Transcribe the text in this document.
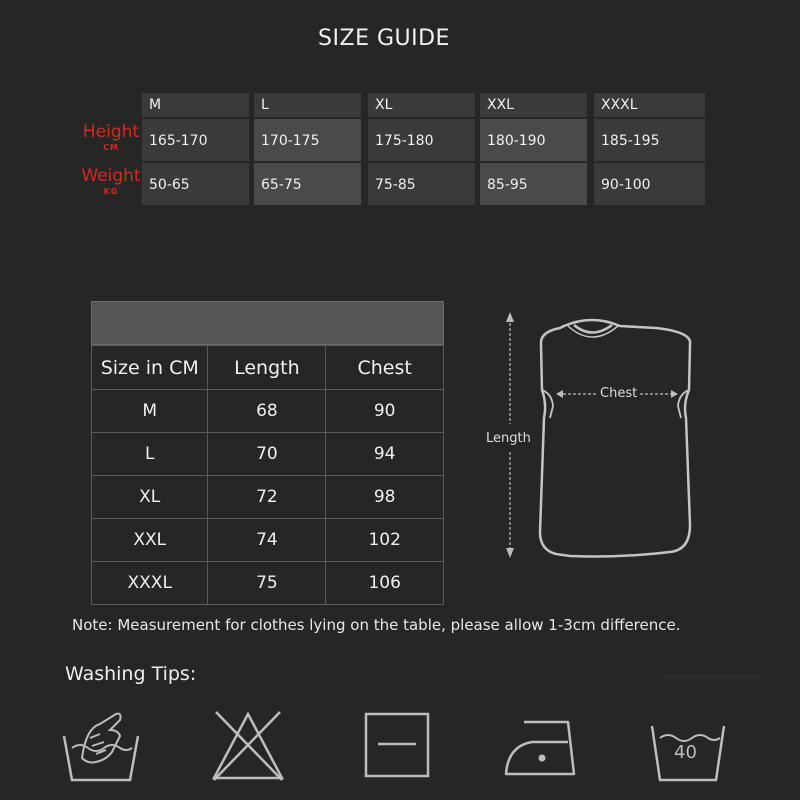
SIZE GUIDE
M	L	XL	XXL	XXXL
Height
CM	165-170	170-175	175-180	180-190	185-195
Weight
KG	50-65	65-75	75-85	85-95	90-100
Size in CM	Length	Chest
M	68	90
L	70	94
XL	72	98
XXL	74	102
XXXL	75	106
Chest
Length
Note: Measurement for clothes lying on the table, please allow 1-3cm difference.
Washing Tips:
40
